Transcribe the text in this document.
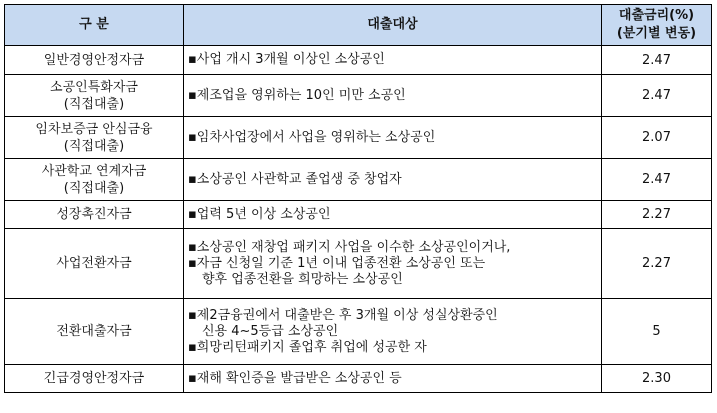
구 분	대출대상	대출금리(%)
(분기별 변동)

일반경영안정자금	▪사업 개시 3개월 이상인 소상공인	2.47

소공인특화자금
(직접대출)	▪제조업을 영위하는 10인 미만 소공인	2.47

임차보증금 안심금융
(직접대출)	▪임차사업장에서 사업을 영위하는 소상공인	2.07

사관학교 연계자금
(직접대출)	▪소상공인 사관학교 졸업생 중 창업자	2.47

성장촉진자금	▪업력 5년 이상 소상공인	2.27

사업전환자금	▪소상공인 재창업 패키지 사업을 이수한 소상공인이거나,
▪자금 신청일 기준 1년 이내 업종전환 소상공인 또는
향후 업종전환을 희망하는 소상공인	2.27

전환대출자금	▪제2금융권에서 대출받은 후 3개월 이상 성실상환중인
신용 4~5등급 소상공인
▪희망리턴패키지 졸업후 취업에 성공한 자	5

긴급경영안정자금	▪재해 확인증을 발급받은 소상공인 등	2.30
